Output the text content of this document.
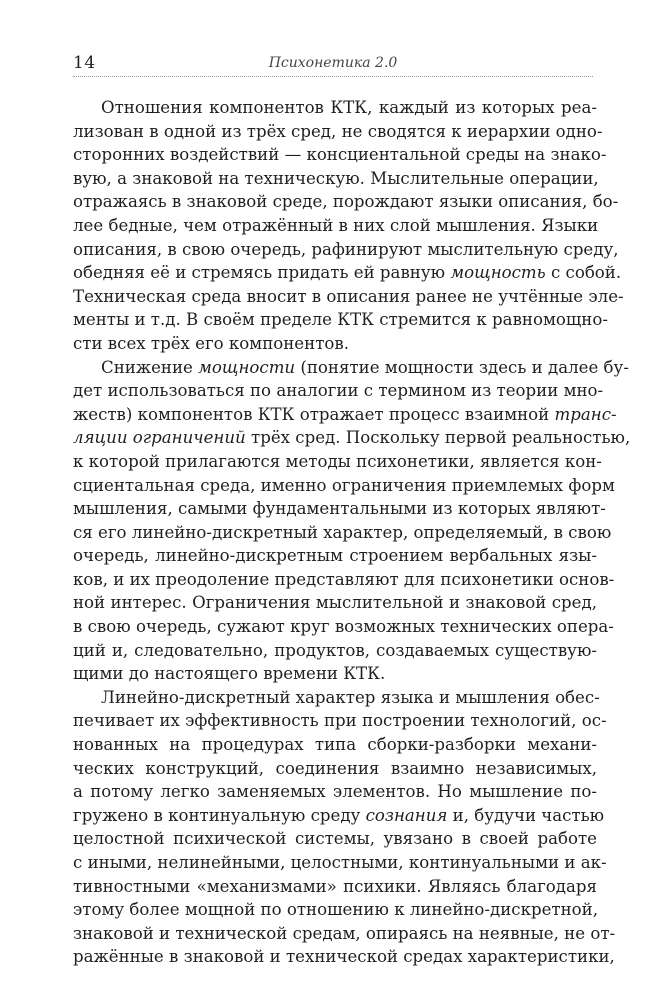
14	Психонетика 2.0
Отношения компонентов КТК, каждый из которых реа-
лизован в одной из трёх сред, не сводятся к иерархии одно-
сторонних воздействий — консциентальной среды на знако-
вую, а знаковой на техническую. Мыслительные операции,
отражаясь в знаковой среде, порождают языки описания, бо-
лее бедные, чем отражённый в них слой мышления. Языки
описания, в свою очередь, рафинируют мыслительную среду,
обедняя её и стремясь придать ей равную мощность с собой.
Техническая среда вносит в описания ранее не учтённые эле-
менты и т.д. В своём пределе КТК стремится к равномощно-
сти всех трёх его компонентов.
Снижение мощности (понятие мощности здесь и далее бу-
дет использоваться по аналогии с термином из теории мно-
жеств) компонентов КТК отражает процесс взаимной транс-
ляции ограничений трёх сред. Поскольку первой реальностью,
к которой прилагаются методы психонетики, является кон-
сциентальная среда, именно ограничения приемлемых форм
мышления, самыми фундаментальными из которых являют-
ся его линейно-дискретный характер, определяемый, в свою
очередь, линейно-дискретным строением вербальных язы-
ков, и их преодоление представляют для психонетики основ-
ной интерес. Ограничения мыслительной и знаковой сред,
в свою очередь, сужают круг возможных технических опера-
ций и, следовательно, продуктов, создаваемых существую-
щими до настоящего времени КТК.
Линейно-дискретный характер языка и мышления обес-
печивает их эффективность при построении технологий, ос-
нованных на процедурах типа сборки-разборки механи-
ческих конструкций, соединения взаимно независимых,
а потому легко заменяемых элементов. Но мышление по-
гружено в континуальную среду сознания и, будучи частью
целостной психической системы, увязано в своей работе
с иными, нелинейными, целостными, континуальными и ак-
тивностными «механизмами» психики. Являясь благодаря
этому более мощной по отношению к линейно-дискретной,
знаковой и технической средам, опираясь на неявные, не от-
ражённые в знаковой и технической средах характеристики,
